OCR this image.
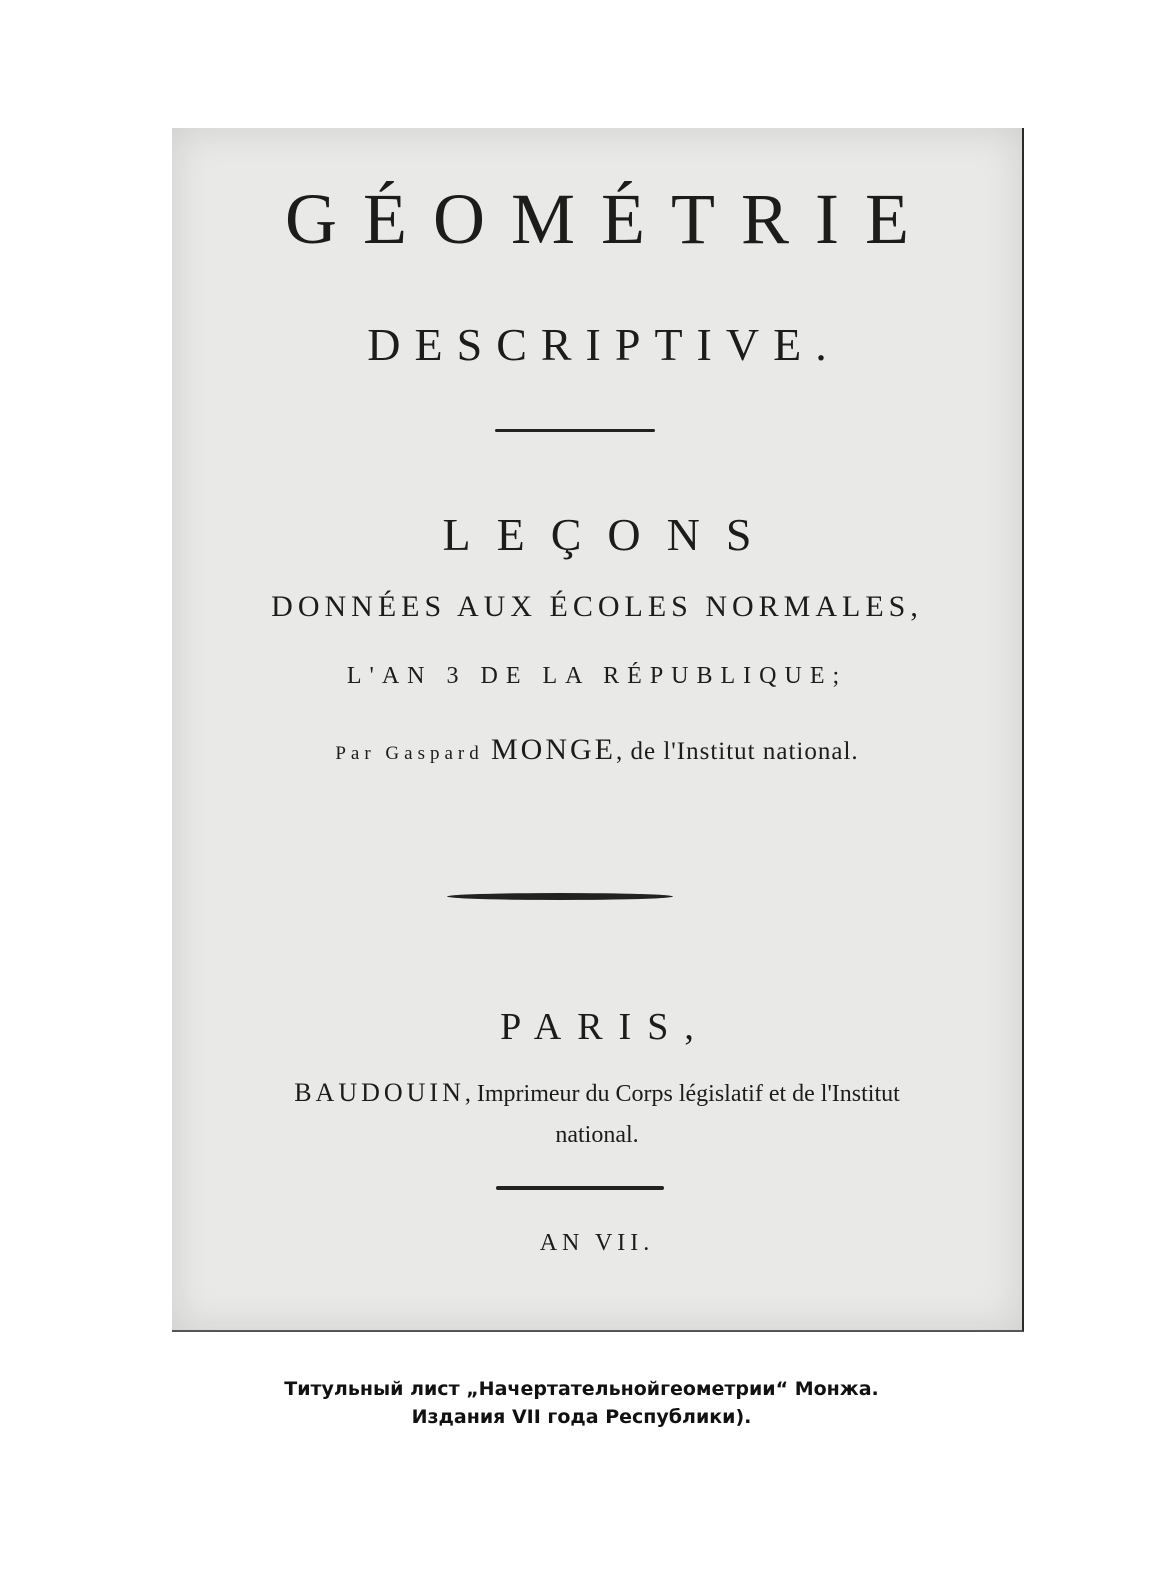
GÉOMÉTRIE
DESCRIPTIVE.
LEÇONS
DONNÉES AUX ÉCOLES NORMALES,
L'AN 3 DE LA RÉPUBLIQUE;
Par Gaspard MONGE, de l'Institut national.
PARIS,
BAUDOUIN, Imprimeur du Corps législatif et de l'Institut
national.
AN VII.
Титульный лист „Начертательнойгеометрии“ Монжа.
Издания VII года Республики).
